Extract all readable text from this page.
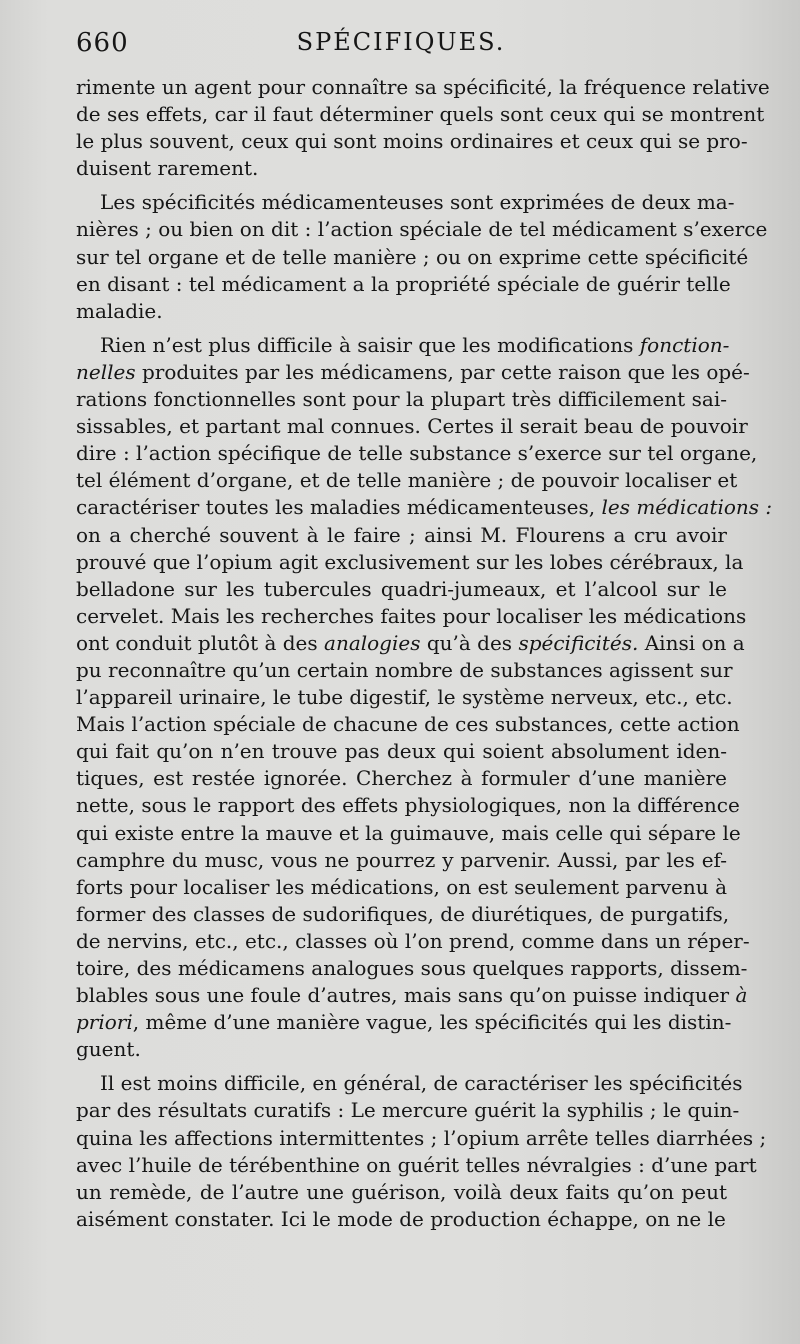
660	SPÉCIFIQUES.
rimente un agent pour connaître sa spécificité, la fréquence relative
de ses effets, car il faut déterminer quels sont ceux qui se montrent
le plus souvent, ceux qui sont moins ordinaires et ceux qui se pro-
duisent rarement.
Les spécificités médicamenteuses sont exprimées de deux ma-
nières ; ou bien on dit : l’action spéciale de tel médicament s’exerce
sur tel organe et de telle manière ; ou on exprime cette spécificité
en disant : tel médicament a la propriété spéciale de guérir telle
maladie.
Rien n’est plus difficile à saisir que les modifications fonction-
nelles produites par les médicamens, par cette raison que les opé-
rations fonctionnelles sont pour la plupart très difficilement sai-
sissables, et partant mal connues. Certes il serait beau de pouvoir
dire : l’action spécifique de telle substance s’exerce sur tel organe,
tel élément d’organe, et de telle manière ; de pouvoir localiser et
caractériser toutes les maladies médicamenteuses, les médications :
on a cherché souvent à le faire ; ainsi M. Flourens a cru avoir
prouvé que l’opium agit exclusivement sur les lobes cérébraux, la
belladone sur les tubercules quadri-jumeaux, et l’alcool sur le
cervelet. Mais les recherches faites pour localiser les médications
ont conduit plutôt à des analogies qu’à des spécificités. Ainsi on a
pu reconnaître qu’un certain nombre de substances agissent sur
l’appareil urinaire, le tube digestif, le système nerveux, etc., etc.
Mais l’action spéciale de chacune de ces substances, cette action
qui fait qu’on n’en trouve pas deux qui soient absolument iden-
tiques, est restée ignorée. Cherchez à formuler d’une manière
nette, sous le rapport des effets physiologiques, non la différence
qui existe entre la mauve et la guimauve, mais celle qui sépare le
camphre du musc, vous ne pourrez y parvenir. Aussi, par les ef-
forts pour localiser les médications, on est seulement parvenu à
former des classes de sudorifiques, de diurétiques, de purgatifs,
de nervins, etc., etc., classes où l’on prend, comme dans un réper-
toire, des médicamens analogues sous quelques rapports, dissem-
blables sous une foule d’autres, mais sans qu’on puisse indiquer à
priori, même d’une manière vague, les spécificités qui les distin-
guent.
Il est moins difficile, en général, de caractériser les spécificités
par des résultats curatifs : Le mercure guérit la syphilis ; le quin-
quina les affections intermittentes ; l’opium arrête telles diarrhées ;
avec l’huile de térébenthine on guérit telles névralgies : d’une part
un remède, de l’autre une guérison, voilà deux faits qu’on peut
aisément constater. Ici le mode de production échappe, on ne le
